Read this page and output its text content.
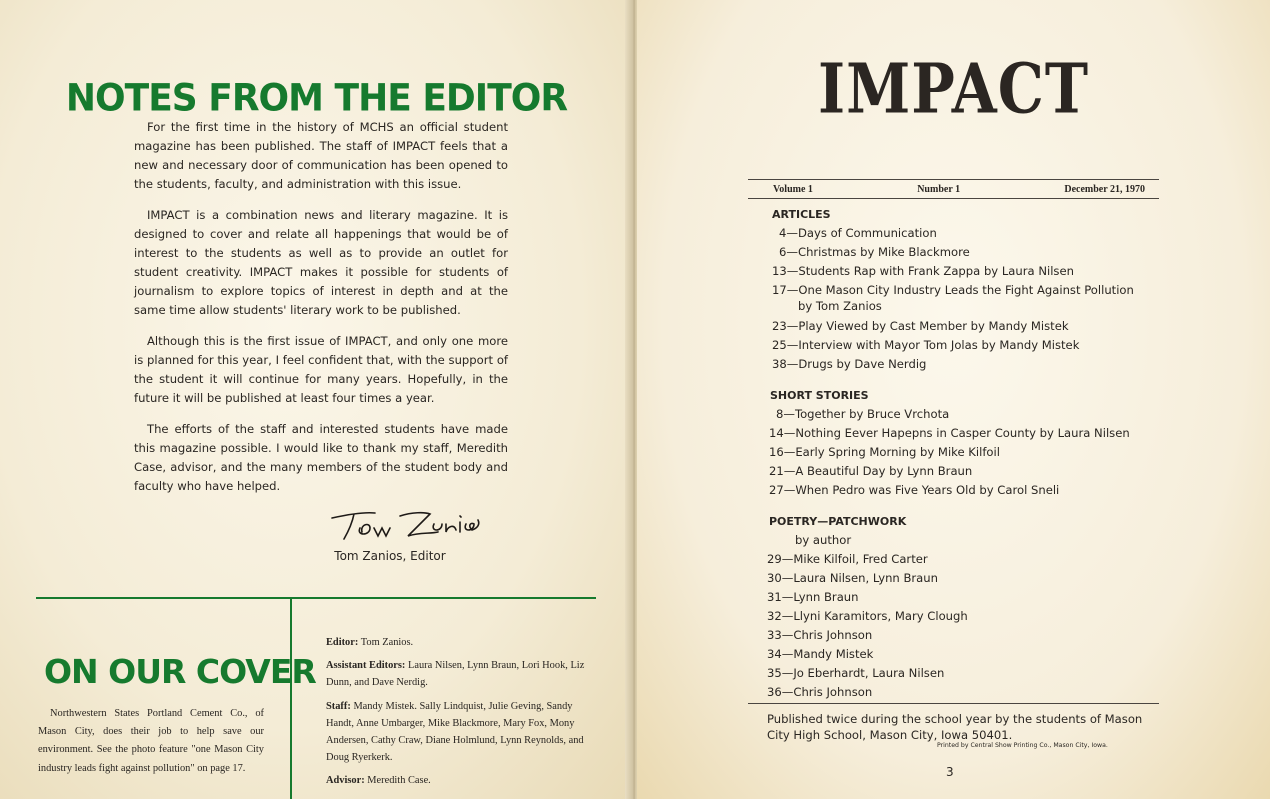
NOTES FROM THE EDITOR

For the first time in the history of MCHS an official student magazine has been published. The staff of IMPACT feels that a new and necessary door of communication has been opened to the students, faculty, and administration with this issue.

IMPACT is a combination news and literary magazine. It is designed to cover and relate all happenings that would be of interest to the students as well as to provide an outlet for student creativity. IMPACT makes it possible for students of journalism to explore topics of interest in depth and at the same time allow students' literary work to be published.

Although this is the first issue of IMPACT, and only one more is planned for this year, I feel confident that, with the support of the student it will continue for many years. Hopefully, in the future it will be published at least four times a year.

The efforts of the staff and interested students have made this magazine possible. I would like to thank my staff, Meredith Case, advisor, and the many members of the student body and faculty who have helped.

Tom Zanios, Editor
ON OUR COVER
Northwestern States Portland Cement Co., of Mason City, does their job to help save our environment. See the photo feature "one Mason City industry leads fight against pollution" on page 17.

Editor: Tom Zanios.

Assistant Editors: Laura Nilsen, Lynn Braun, Lori Hook, Liz Dunn, and Dave Nerdig.

Staff: Mandy Mistek. Sally Lindquist, Julie Geving, Sandy Handt, Anne Umbarger, Mike Blackmore, Mary Fox, Mony Andersen, Cathy Craw, Diane Holmlund, Lynn Reynolds, and Doug Ryerkerk.

Advisor: Meredith Case.

IMPACT
Volume 1	Number 1	December 21, 1970
ARTICLES
4—Days of Communication
6—Christmas by Mike Blackmore
13—Students Rap with Frank Zappa by Laura Nilsen
17—One Mason City Industry Leads the Fight Against Pollution
by Tom Zanios
23—Play Viewed by Cast Member by Mandy Mistek
25—Interview with Mayor Tom Jolas by Mandy Mistek
38—Drugs by Dave Nerdig
SHORT STORIES
8—Together by Bruce Vrchota
14—Nothing Eever Hapepns in Casper County by Laura Nilsen
16—Early Spring Morning by Mike Kilfoil
21—A Beautiful Day by Lynn Braun
27—When Pedro was Five Years Old by Carol Sneli
POETRY—PATCHWORK
by author
29—Mike Kilfoil, Fred Carter
30—Laura Nilsen, Lynn Braun
31—Lynn Braun
32—Llyni Karamitors, Mary Clough
33—Chris Johnson
34—Mandy Mistek
35—Jo Eberhardt, Laura Nilsen
36—Chris Johnson
Published twice during the school year by the students of Mason City High School, Mason City, Iowa 50401.
Printed by Central Show Printing Co., Mason City, Iowa.
3
